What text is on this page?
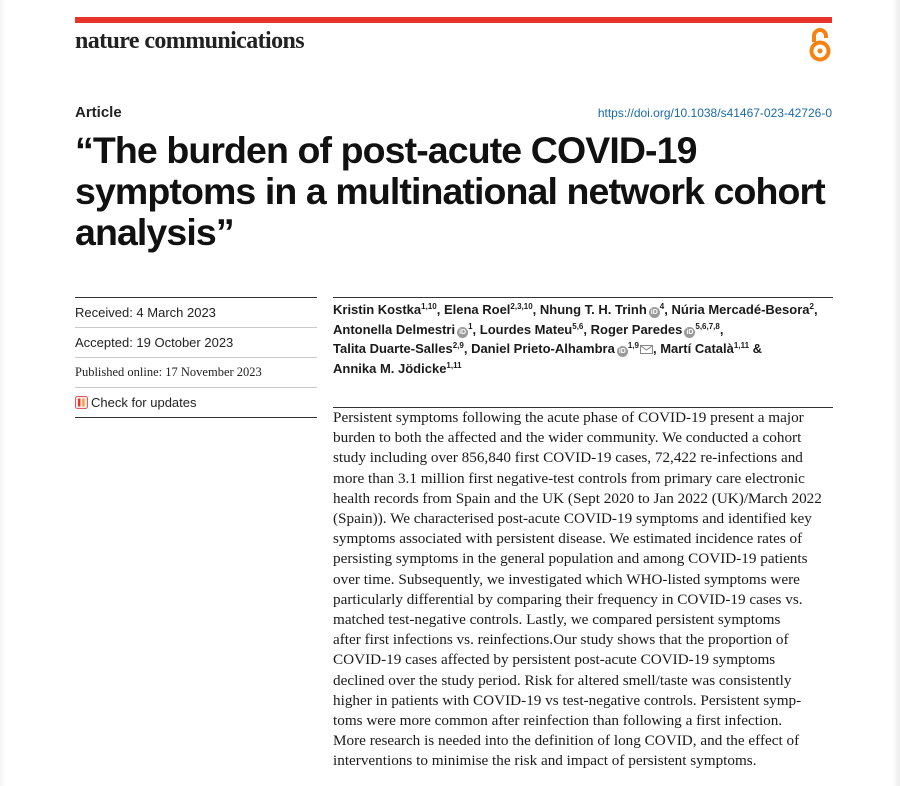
nature communications
Article	https://doi.org/10.1038/s41467-023-42726-0
“The burden of post-acute COVID-19
symptoms in a multinational network cohort
analysis”
Received: 4 March 2023
Accepted: 19 October 2023
Published online: 17 November 2023
Check for updates
Kristin Kostka$^{1,10}$, Elena Roel$^{2,3,10}$, Nhung T. H. Trinh $iD^4$, Núria Mercadé-Besora$^2$,
Antonella Delmestri $iD^1$, Lourdes Mateu$^{5,6}$, Roger Paredes iD$^{5,6,7,8}$,
Talita Duarte-Salles$^{2,9}$, Daniel Prieto-Alhambra iD$^{1,9}$ , Martí Català$^{1,11}$ &
Annika M. Jödicke$^{1,11}$

Persistent symptoms following the acute phase of COVID-19 present a major
burden to both the affected and the wider community. We conducted a cohort
study including over 856,840 first COVID-19 cases, 72,422 re-infections and
more than 3.1 million first negative-test controls from primary care electronic
health records from Spain and the UK (Sept 2020 to Jan 2022 (UK)/March 2022
(Spain)). We characterised post-acute COVID-19 symptoms and identified key
symptoms associated with persistent disease. We estimated incidence rates of
persisting symptoms in the general population and among COVID-19 patients
over time. Subsequently, we investigated which WHO-listed symptoms were
particularly differential by comparing their frequency in COVID-19 cases vs.
matched test-negative controls. Lastly, we compared persistent symptoms
after first infections vs. reinfections.Our study shows that the proportion of
COVID-19 cases affected by persistent post-acute COVID-19 symptoms
declined over the study period. Risk for altered smell/taste was consistently
higher in patients with COVID-19 vs test-negative controls. Persistent symp-
toms were more common after reinfection than following a first infection.
More research is needed into the definition of long COVID, and the effect of
interventions to minimise the risk and impact of persistent symptoms.
